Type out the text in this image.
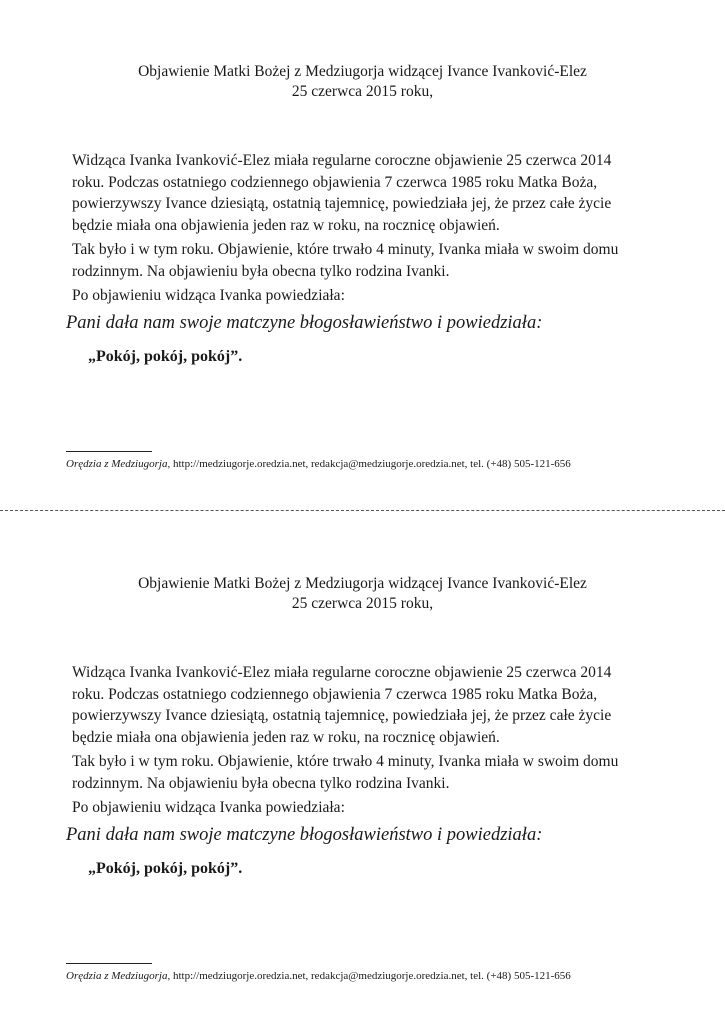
Objawienie Matki Bożej z Medziugorja widzącej Ivance Ivanković-Elez
25 czerwca 2015 roku,

Widząca Ivanka Ivanković-Elez miała regularne coroczne objawienie 25 czerwca 2014 roku. Podczas ostatniego codziennego objawienia 7 czerwca 1985 roku Matka Boża, powierzywszy Ivance dziesiątą, ostatnią tajemnicę, powiedziała jej, że przez całe życie będzie miała ona objawienia jeden raz w roku, na rocznicę objawień.

Tak było i w tym roku. Objawienie, które trwało 4 minuty, Ivanka miała w swoim domu rodzinnym. Na objawieniu była obecna tylko rodzina Ivanki.

Po objawieniu widząca Ivanka powiedziała:

Pani dała nam swoje matczyne błogosławieństwo i powiedziała:
„Pokój, pokój, pokój”.
Orędzia z Medziugorja, http://medziugorje.oredzia.net, redakcja@medziugorje.oredzia.net, tel. (+48) 505-121-656
Objawienie Matki Bożej z Medziugorja widzącej Ivance Ivanković-Elez
25 czerwca 2015 roku,

Widząca Ivanka Ivanković-Elez miała regularne coroczne objawienie 25 czerwca 2014 roku. Podczas ostatniego codziennego objawienia 7 czerwca 1985 roku Matka Boża, powierzywszy Ivance dziesiątą, ostatnią tajemnicę, powiedziała jej, że przez całe życie będzie miała ona objawienia jeden raz w roku, na rocznicę objawień.

Tak było i w tym roku. Objawienie, które trwało 4 minuty, Ivanka miała w swoim domu rodzinnym. Na objawieniu była obecna tylko rodzina Ivanki.

Po objawieniu widząca Ivanka powiedziała:

Pani dała nam swoje matczyne błogosławieństwo i powiedziała:
„Pokój, pokój, pokój”.
Orędzia z Medziugorja, http://medziugorje.oredzia.net, redakcja@medziugorje.oredzia.net, tel. (+48) 505-121-656
